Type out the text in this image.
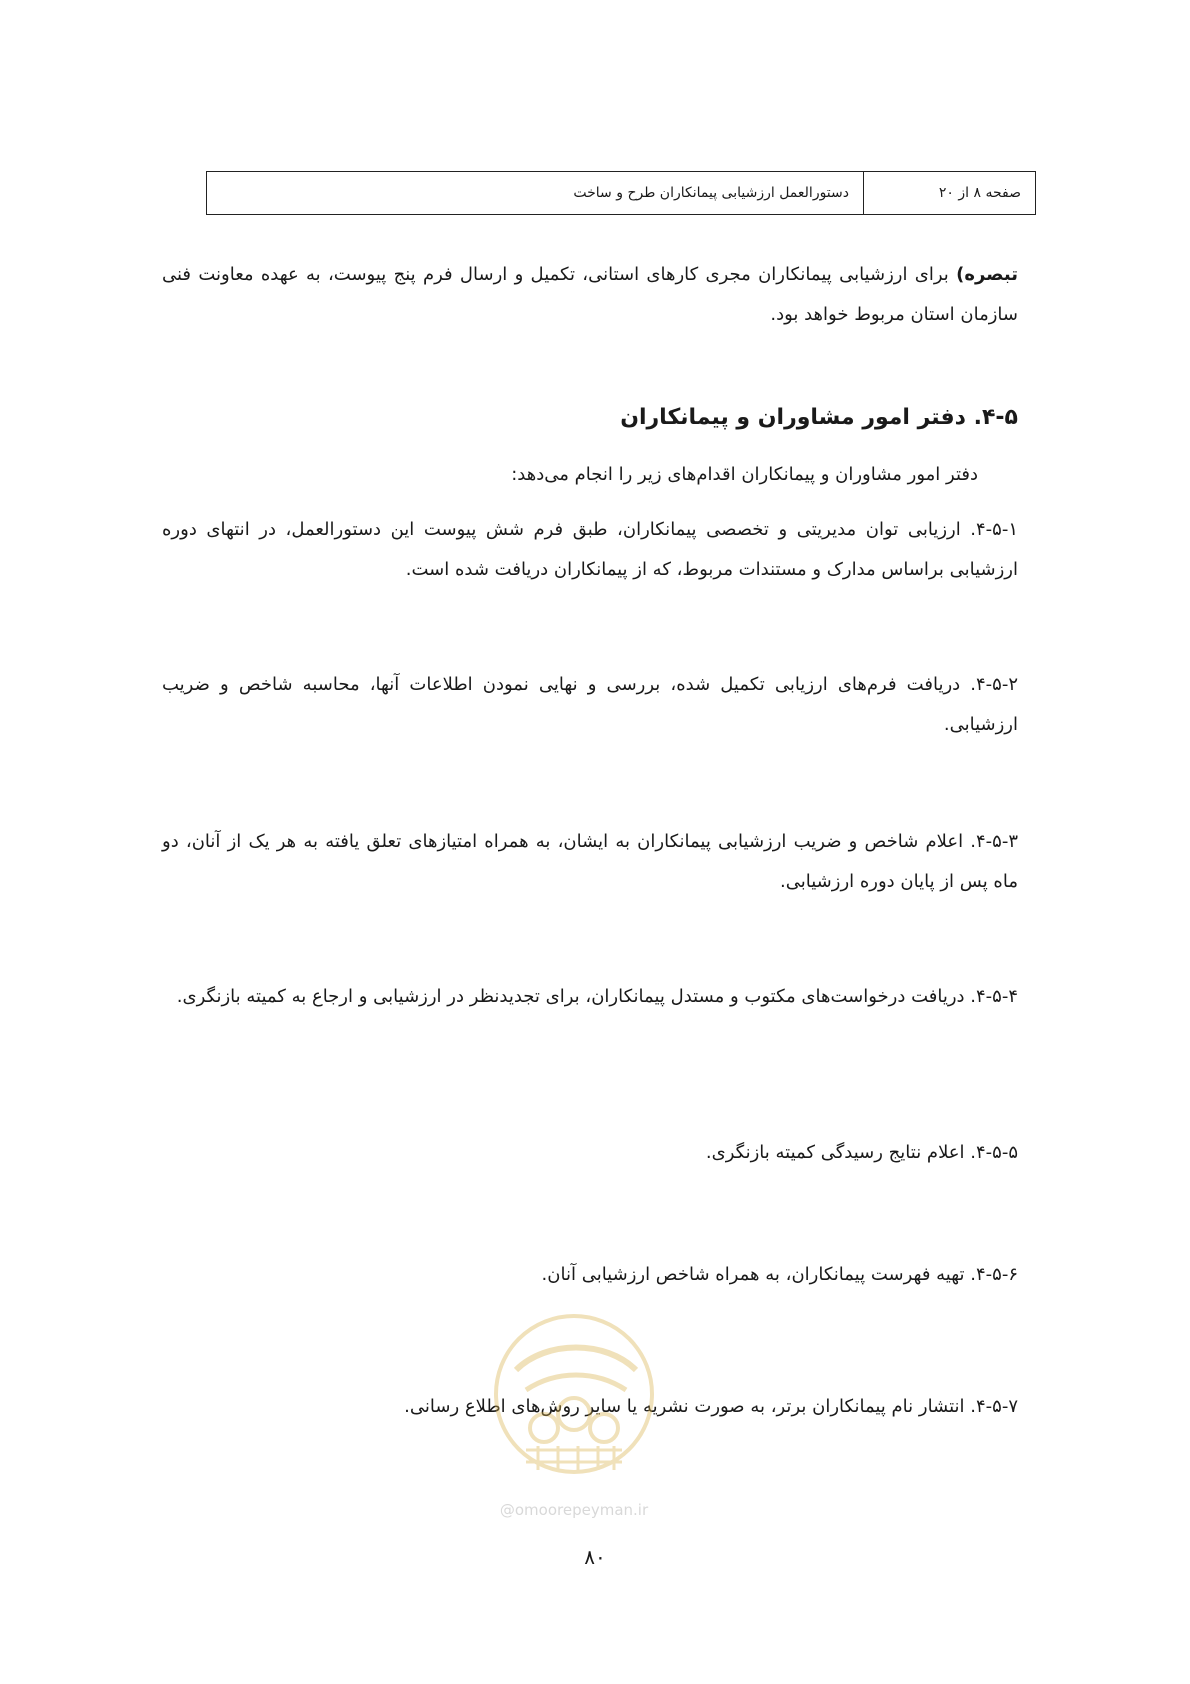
صفحه ۸ از ۲۰
دستورالعمل ارزشیابی پیمانکاران طرح و ساخت

تبصره) برای ارزشیابی پیمانکاران مجری کارهای استانی، تکمیل و ارسال فرم پنج پیوست، به عهده معاونت فنی سازمان استان مربوط خواهد بود.

۴-۵. دفتر امور مشاوران و پیمانکاران

دفتر امور مشاوران و پیمانکاران اقدام‌های زیر را انجام می‌دهد:

۴-۵-۱. ارزیابی توان مدیریتی و تخصصی پیمانکاران، طبق فرم شش پیوست این دستورالعمل، در انتهای دوره ارزشیابی براساس مدارک و مستندات مربوط، که از پیمانکاران دریافت شده است.

۴-۵-۲. دریافت فرم‌های ارزیابی تکمیل شده، بررسی و نهایی نمودن اطلاعات آنها، محاسبه شاخص و ضریب ارزشیابی.

۴-۵-۳. اعلام شاخص و ضریب ارزشیابی پیمانکاران به ایشان، به همراه امتیازهای تعلق یافته به هر یک از آنان، دو ماه پس از پایان دوره ارزشیابی.

۴-۵-۴. دریافت درخواست‌های مکتوب و مستدل پیمانکاران، برای تجدیدنظر در ارزشیابی و ارجاع به کمیته بازنگری.

۴-۵-۵. اعلام نتایج رسیدگی کمیته بازنگری.

۴-۵-۶. تهیه فهرست پیمانکاران، به همراه شاخص ارزشیابی آنان.

۴-۵-۷. انتشار نام پیمانکاران برتر، به صورت نشریه یا سایر روش‌های اطلاع رسانی.

@omoorepeyman.ir
۸۰
